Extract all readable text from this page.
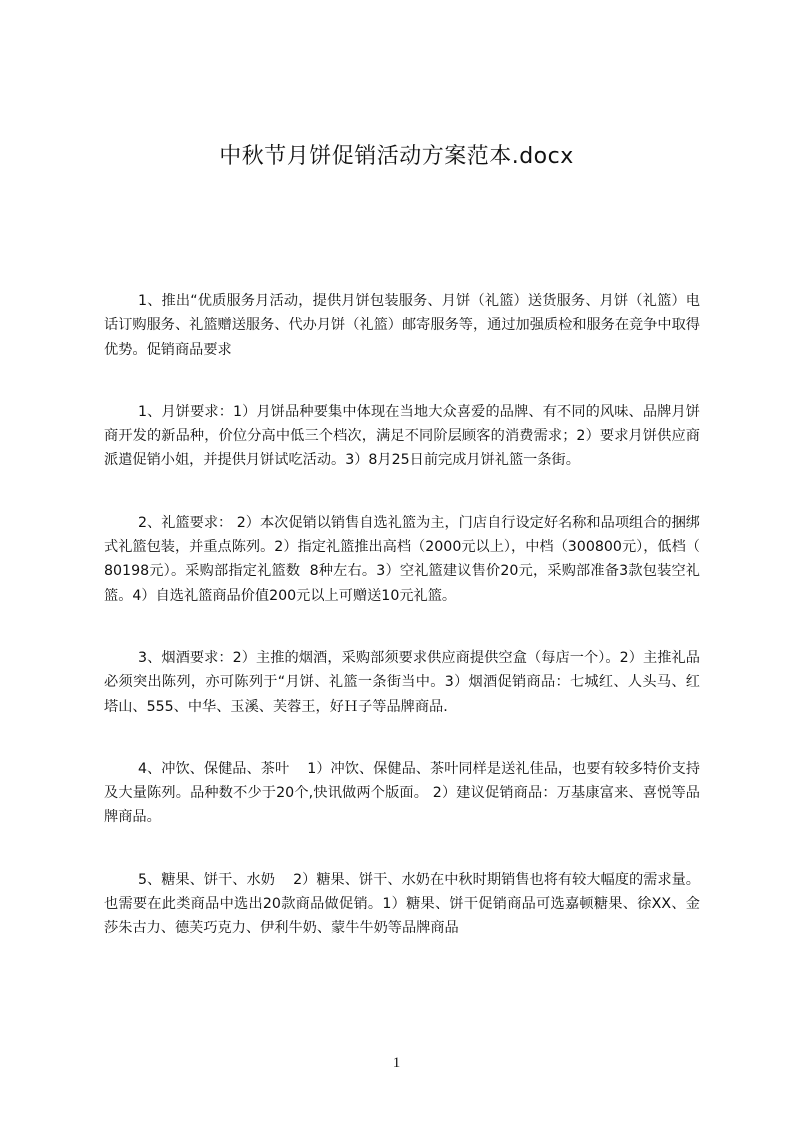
中秋节月饼促销活动方案范本.docx

1、推出“优质服务月活动，提供月饼包装服务、月饼（礼篮）送货服务、月饼（礼篮）电话订购服务、礼篮赠送服务、代办月饼（礼篮）邮寄服务等，通过加强质检和服务在竞争中取得优势。促销商品要求

1、月饼要求：1）月饼品种要集中体现在当地大众喜爱的品牌、有不同的风味、品牌月饼商开发的新品种，价位分高中低三个档次，满足不同阶层顾客的消费需求；2）要求月饼供应商派遣促销小姐，并提供月饼试吃活动。3）8月25日前完成月饼礼篮一条街。

2、礼篮要求： 2）本次促销以销售自选礼篮为主，门店自行设定好名称和品项组合的捆绑式礼篮包装，并重点陈列。2）指定礼篮推出高档（2000元以上），中档（300800元），低档（ 80198元）。采购部指定礼篮数  8种左右。3）空礼篮建议售价20元，采购部准备3款包装空礼篮。4）自选礼篮商品价值200元以上可赠送10元礼篮。

3、烟酒要求：2）主推的烟酒，采购部须要求供应商提供空盒（每店一个）。2）主推礼品必须突出陈列，亦可陈列于“月饼、礼篮一条街当中。3）烟酒促销商品：七城红、人头马、红塔山、555、中华、玉溪、芙蓉王，好Ｈ子等品牌商品.

4、冲饮、保健品、茶叶    1）冲饮、保健品、茶叶同样是送礼佳品，也要有较多特价支持及大量陈列。品种数不少于20个,快讯做两个版面。 2）建议促销商品：万基康富来、喜悦等品牌商品。

5、糖果、饼干、水奶    2）糖果、饼干、水奶在中秋时期销售也将有较大幅度的需求量。也需要在此类商品中选出20款商品做促销。1）糖果、饼干促销商品可选嘉顿糖果、徐XX、金莎朱古力、德芙巧克力、伊利牛奶、蒙牛牛奶等品牌商品

1
